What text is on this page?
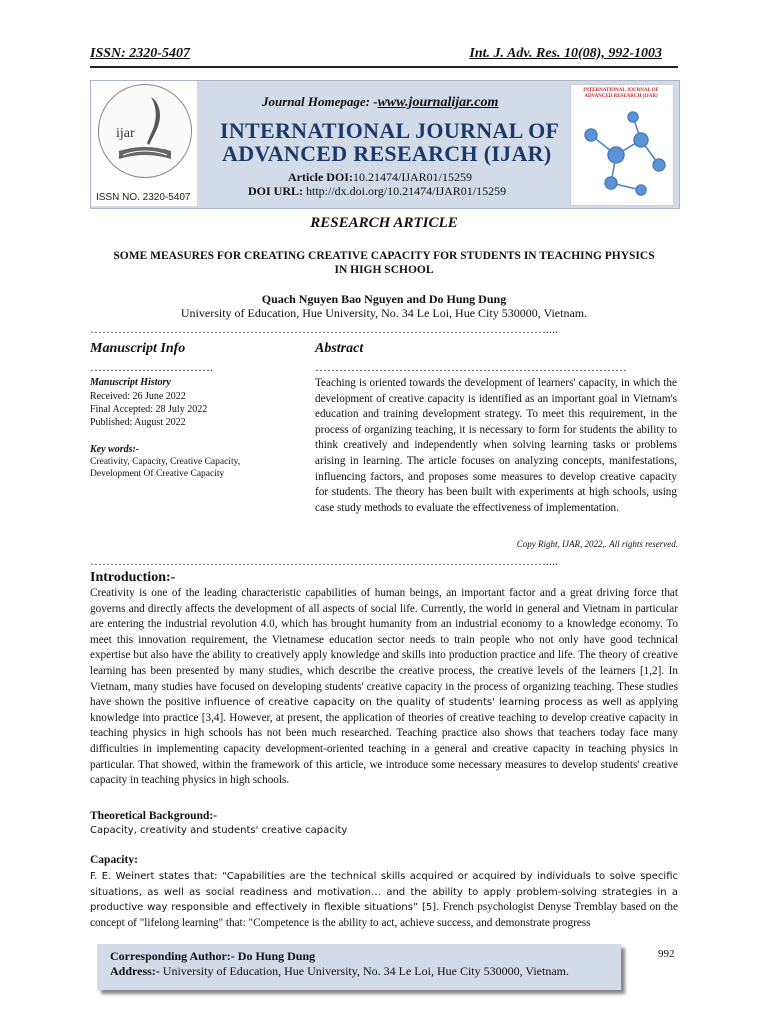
ISSN: 2320-5407	Int. J. Adv. Res. 10(08), 992-1003
ijar
ISSN NO. 2320-5407
Journal Homepage: -www.journalijar.com
INTERNATIONAL JOURNAL OF
ADVANCED RESEARCH (IJAR)
Article DOI:10.21474/IJAR01/15259
DOI URL: http://dx.doi.org/10.21474/IJAR01/15259
INTERNATIONAL JOURNAL OF ADVANCED RESEARCH (IJAR)
RESEARCH ARTICLE
SOME MEASURES FOR CREATING CREATIVE CAPACITY FOR STUDENTS IN TEACHING PHYSICS IN HIGH SCHOOL
Quach Nguyen Bao Nguyen and Do Hung Dung
University of Education, Hue University, No. 34 Le Loi, Hue City 530000, Vietnam.
……………………………………………………………………………………………………....
Manuscript Info
………………………….
Manuscript History
Received: 26 June 2022
Final Accepted: 28 July 2022
Published: August 2022
Key words:-
Creativity, Capacity, Creative Capacity, Development Of Creative Capacity
Abstract
……………………………………………………………………
Teaching is oriented towards the development of learners' capacity, in which the development of creative capacity is identified as an important goal in Vietnam's education and training development strategy. To meet this requirement, in the process of organizing teaching, it is necessary to form for students the ability to think creatively and independently when solving learning tasks or problems arising in learning. The article focuses on analyzing concepts, manifestations, influencing factors, and proposes some measures to develop creative capacity for students. The theory has been built with experiments at high schools, using case study methods to evaluate the effectiveness of implementation.
Copy Right, IJAR, 2022,. All rights reserved.
……………………………………………………………………………………………………....
Introduction:-
Creativity is one of the leading characteristic capabilities of human beings, an important factor and a great driving force that governs and directly affects the development of all aspects of social life. Currently, the world in general and Vietnam in particular are entering the industrial revolution 4.0, which has brought humanity from an industrial economy to a knowledge economy. To meet this innovation requirement, the Vietnamese education sector needs to train people who not only have good technical expertise but also have the ability to creatively apply knowledge and skills into production practice and life. The theory of creative learning has been presented by many studies, which describe the creative process, the creative levels of the learners [1,2]. In Vietnam, many studies have focused on developing students' creative capacity in the process of organizing teaching. These studies have shown the positive influence of creative capacity on the quality of students' learning process as well as applying knowledge into practice [3,4]. However, at present, the application of theories of creative teaching to develop creative capacity in teaching physics in high schools has not been much researched. Teaching practice also shows that teachers today face many difficulties in implementing capacity development-oriented teaching in a general and creative capacity in teaching physics in particular. That showed, within the framework of this article, we introduce some necessary measures to develop students' creative capacity in teaching physics in high schools.
Theoretical Background:-
Capacity, creativity and students' creative capacity
Capacity:
F. E. Weinert states that: “Capabilities are the technical skills acquired or acquired by individuals to solve specific situations, as well as social readiness and motivation… and the ability to apply problem-solving strategies in a productive way responsible and effectively in flexible situations” [5]. French psychologist Denyse Tremblay based on the concept of "lifelong learning" that: "Competence is the ability to act, achieve success, and demonstrate progress
Corresponding Author:- Do Hung Dung
Address:- University of Education, Hue University, No. 34 Le Loi, Hue City 530000, Vietnam.
992
